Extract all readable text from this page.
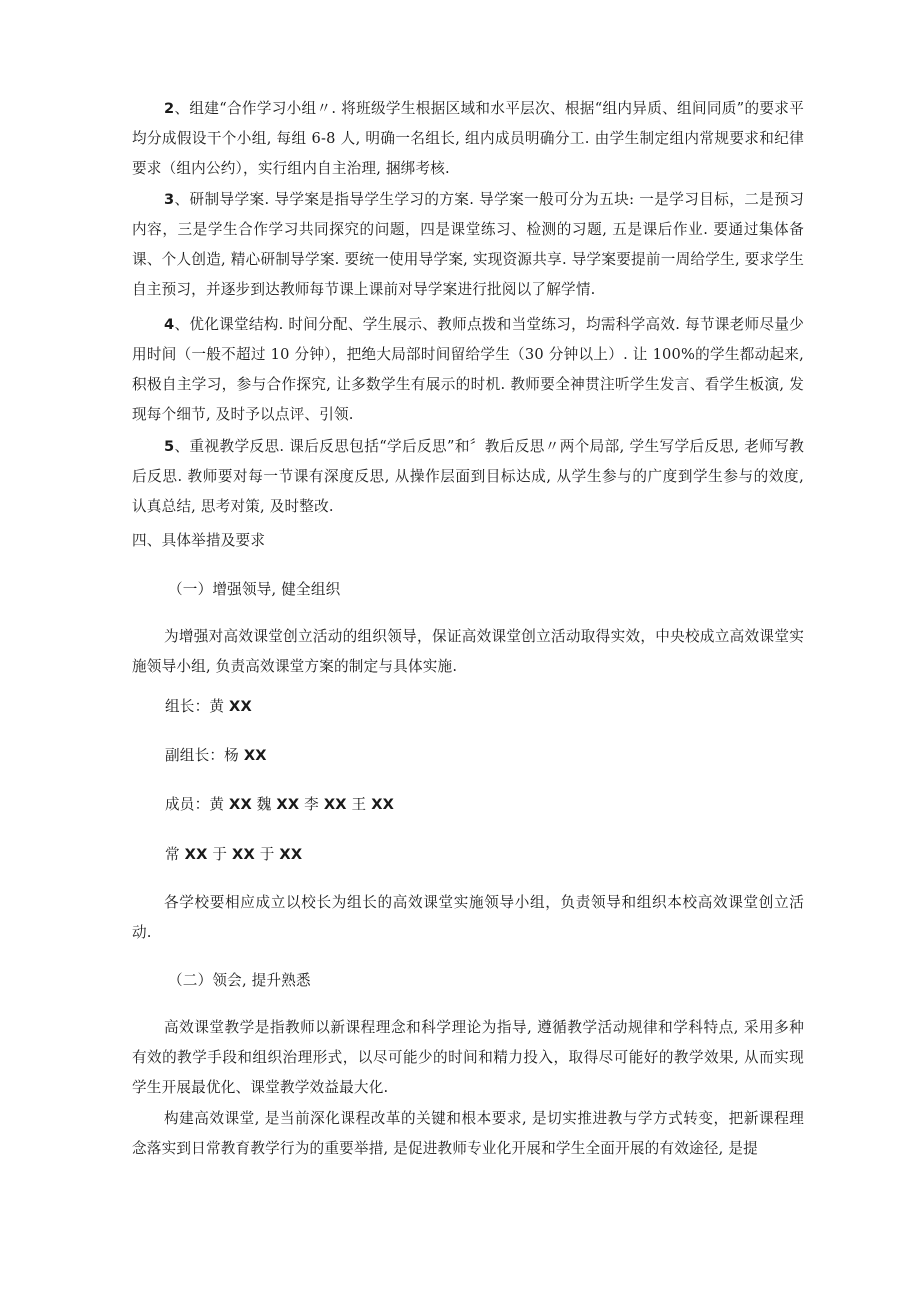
2、组建“合作学习小组〃. 将班级学生根据区域和水平层次、根据“组内异质、组间同质”的要求平均分成假设干个小组, 每组 6-8 人, 明确一名组长, 组内成员明确分工. 由学生制定组内常规要求和纪律要求（组内公约），实行组内自主治理, 捆绑考核.

3、研制导学案. 导学案是指导学生学习的方案. 导学案一般可分为五块: 一是学习目标，二是预习内容，三是学生合作学习共同探究的问题，四是课堂练习、检测的习题, 五是课后作业. 要通过集体备课、个人创造, 精心研制导学案. 要统一使用导学案, 实现资源共享. 导学案要提前一周给学生, 要求学生自主预习，并逐步到达教师每节课上课前对导学案进行批阅以了解学情.

4、优化课堂结构. 时间分配、学生展示、教师点拨和当堂练习，均需科学高效. 每节课老师尽量少用时间（一般不超过 10 分钟），把绝大局部时间留给学生（30 分钟以上）. 让 100%的学生都动起来, 积极自主学习，参与合作探究, 让多数学生有展示的时机. 教师要全神贯注听学生发言、看学生板演, 发现每个细节, 及时予以点评、引领.

5、重视教学反思. 课后反思包括“学后反思”和〞教后反思〃两个局部, 学生写学后反思, 老师写教后反思. 教师要对每一节课有深度反思, 从操作层面到目标达成, 从学生参与的广度到学生参与的效度, 认真总结, 思考对策, 及时整改.

四、具体举措及要求

（一）增强领导, 健全组织

为增强对高效课堂创立活动的组织领导，保证高效课堂创立活动取得实效，中央校成立高效课堂实施领导小组, 负责高效课堂方案的制定与具体实施.

组长：黄 XX

副组长：杨 XX

成员：黄 XX 魏 XX 李 XX 王 XX

常 XX 于 XX 于 XX

各学校要相应成立以校长为组长的高效课堂实施领导小组，负责领导和组织本校高效课堂创立活动.

（二）领会, 提升熟悉

高效课堂教学是指教师以新课程理念和科学理论为指导, 遵循教学活动规律和学科特点, 采用多种有效的教学手段和组织治理形式，以尽可能少的时间和精力投入，取得尽可能好的教学效果, 从而实现学生开展最优化、课堂教学效益最大化.

构建高效课堂, 是当前深化课程改革的关键和根本要求, 是切实推进教与学方式转变，把新课程理念落实到日常教育教学行为的重要举措, 是促进教师专业化开展和学生全面开展的有效途径, 是提
